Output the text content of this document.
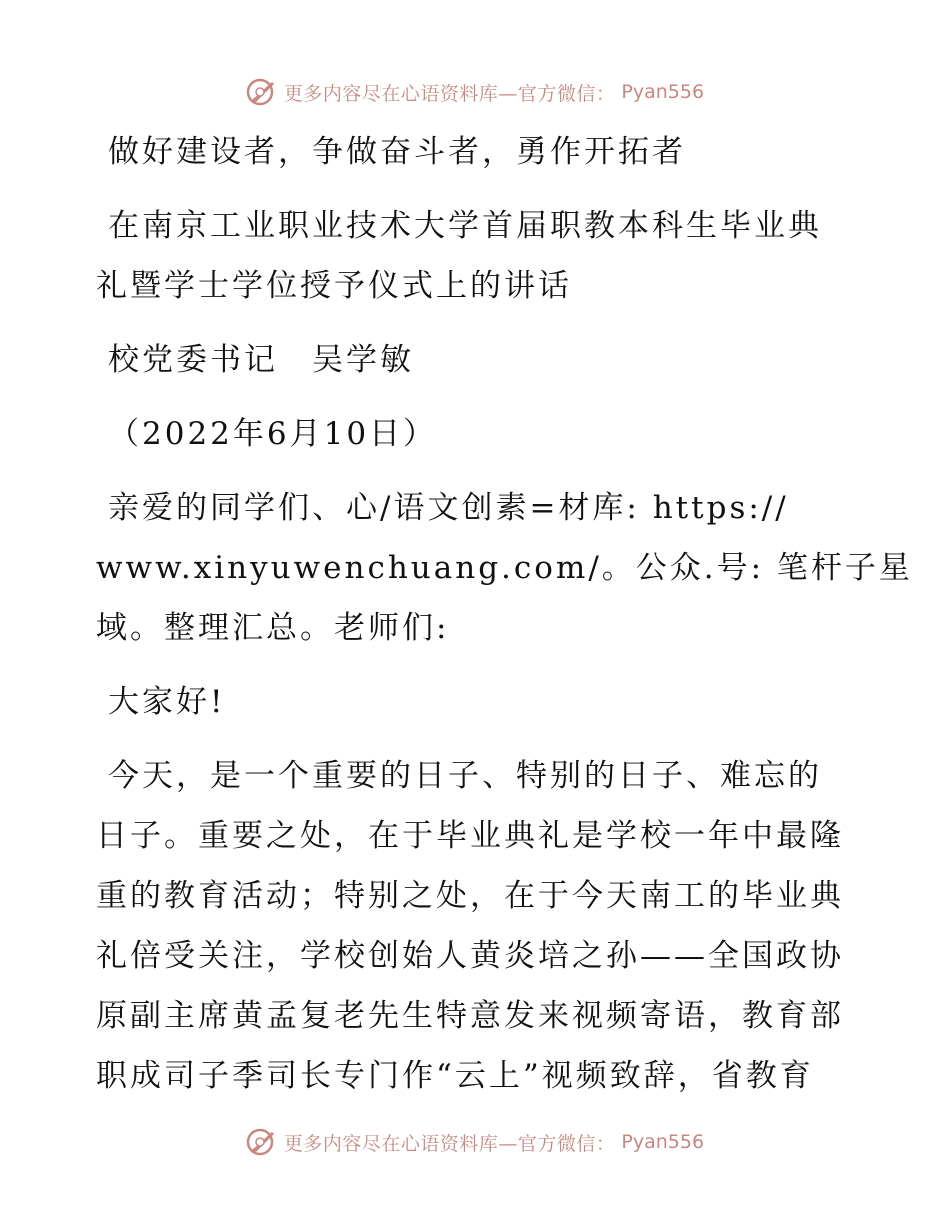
更多内容尽在心语资料库—官方微信： Pyan556
做好建设者，争做奋斗者，勇作开拓者
在南京工业职业技术大学首届职教本科生毕业典
礼暨学士学位授予仪式上的讲话
校党委书记　吴学敏
（2022年6月10日）
亲爱的同学们、心/语文创素=材库: https://
www.xinyuwenchuang.com/。公众.号: 笔杆子星
域。整理汇总。老师们:
大家好!
今天，是一个重要的日子、特别的日子、难忘的
日子。重要之处，在于毕业典礼是学校一年中最隆
重的教育活动；特别之处，在于今天南工的毕业典
礼倍受关注，学校创始人黄炎培之孙——全国政协
原副主席黄孟复老先生特意发来视频寄语，教育部
职成司子季司长专门作“云上”视频致辞，省教育
更多内容尽在心语资料库—官方微信： Pyan556
